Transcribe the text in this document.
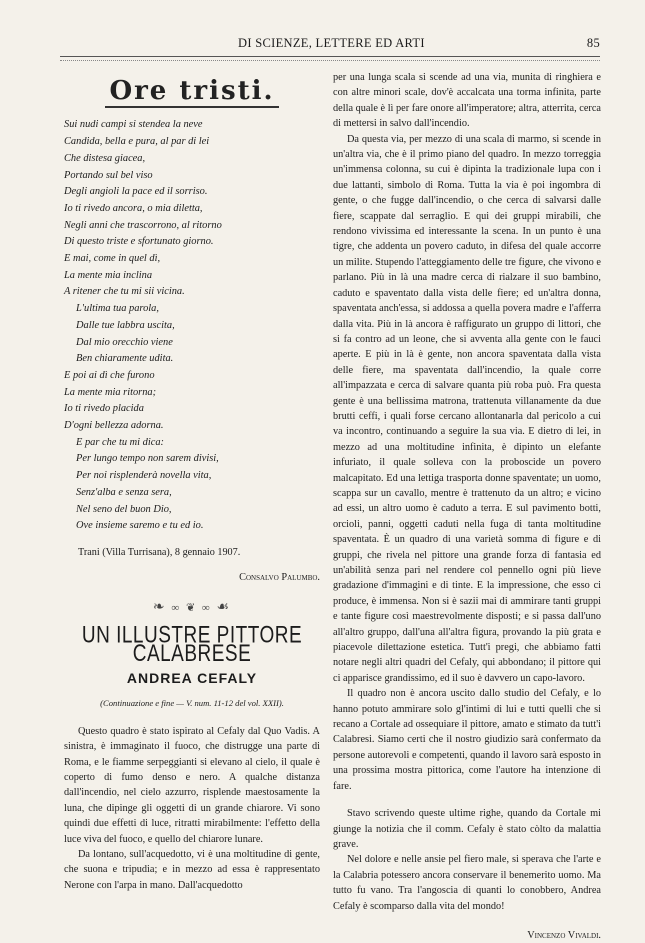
DI SCIENZE, LETTERE ED ARTI	85
Ore tristi.
Sui nudi campi si stendea la neve
Candida, bella e pura, al par di lei
Che distesa giacea,
Portando sul bel viso
Degli angioli la pace ed il sorriso.
Io ti rivedo ancora, o mia diletta,
Negli anni che trascorrono, al ritorno
Di questo triste e sfortunato giorno.
E mai, come in quel dì,
La mente mia inclina
A ritener che tu mi sii vicina.
L'ultima tua parola,
Dalle tue labbra uscita,
Dal mio orecchio viene
Ben chiaramente udita.
E poi ai dì che furono
La mente mia ritorna;
Io ti rivedo placida
D'ogni bellezza adorna.
E par che tu mi dica:
Per lungo tempo non sarem divisi,
Per noi risplenderà novella vita,
Senz'alba e senza sera,
Nel seno del buon Dio,
Ove insieme saremo e tu ed io.
Trani (Villa Turrisana), 8 gennaio 1907.
Consalvo Palumbo.
❧ ∞ ❦ ∞ ☙
UN ILLUSTRE PITTORE CALABRESE
ANDREA CEFALY
(Continuazione e fine — V. num. 11-12 del vol. XXII).

Questo quadro è stato ispirato al Cefaly dal Quo Vadis. A sinistra, è immaginato il fuoco, che distrugge una parte di Roma, e le fiamme serpeggianti si elevano al cielo, il quale è coperto di fumo denso e nero. A qualche distanza dall'incendio, nel cielo azzurro, risplende maestosamente la luna, che dipinge gli oggetti di un grande chiarore. Vi sono quindi due effetti di luce, ritratti mirabilmente: l'effetto della luce viva del fuoco, e quello del chiarore lunare.

Da lontano, sull'acquedotto, vi è una moltitudine di gente, che suona e tripudia; e in mezzo ad essa è rappresentato Nerone con l'arpa in mano. Dall'acquedotto

per una lunga scala si scende ad una via, munita di ringhiera e con altre minori scale, dov'è accalcata una torma infinita, parte della quale è lì per fare onore all'imperatore; altra, atterrita, cerca di mettersi in salvo dall'incendio.

Da questa via, per mezzo di una scala di marmo, si scende in un'altra via, che è il primo piano del quadro. In mezzo torreggia un'immensa colonna, su cui è dipinta la tradizionale lupa con i due lattanti, simbolo di Roma. Tutta la via è poi ingombra di gente, o che fugge dall'incendio, o che cerca di salvarsi dalle fiere, scappate dal serraglio. E qui dei gruppi mirabili, che rendono vivissima ed interessante la scena. In un punto è una tigre, che addenta un povero caduto, in difesa del quale accorre un milite. Stupendo l'atteggiamento delle tre figure, che vivono e parlano. Più in là una madre cerca di rialzare il suo bambino, caduto e spaventato dalla vista delle fiere; ed un'altra donna, spaventata anch'essa, si addossa a quella povera madre e l'afferra dalla vita. Più in là ancora è raffigurato un gruppo di littori, che si fa contro ad un leone, che si avventa alla gente con le fauci aperte. E più in là è gente, non ancora spaventata dalla vista delle fiere, ma spaventata dall'incendio, la quale corre all'impazzata e cerca di salvare quanta più roba può. Fra questa gente è una bellissima matrona, trattenuta villanamente da due brutti ceffi, i quali forse cercano allontanarla dal pericolo a cui va incontro, continuando a seguire la sua via. E dietro di lei, in mezzo ad una moltitudine infinita, è dipinto un elefante infuriato, il quale solleva con la proboscide un povero malcapitato. Ed una lettiga trasporta donne spaventate; un uomo, scappa sur un cavallo, mentre è trattenuto da un altro; e vicino ad essi, un altro uomo è caduto a terra. E sul pavimento botti, orcioli, panni, oggetti caduti nella fuga di tanta moltitudine spaventata. È un quadro di una varietà somma di figure e di gruppi, che rivela nel pittore una grande forza di fantasia ed un'abilità senza pari nel rendere col pennello ogni più lieve gradazione d'immagini e di tinte. E la impressione, che esso ci produce, è immensa. Non si è sazii mai di ammirare tanti gruppi e tante figure così maestrevolmente disposti; e si passa dall'uno all'altro gruppo, dall'una all'altra figura, provando la più grata e piacevole dilettazione estetica. Tutt'i pregi, che abbiamo fatti notare negli altri quadri del Cefaly, qui abbondano; il pittore qui ci apparisce grandissimo, ed il suo è davvero un capo-lavoro.

Il quadro non è ancora uscito dallo studio del Cefaly, e lo hanno potuto ammirare solo gl'intimi di lui e tutti quelli che si recano a Cortale ad ossequiare il pittore, amato e stimato da tutt'i Calabresi. Siamo certi che il nostro giudizio sarà confermato da persone autorevoli e competenti, quando il lavoro sarà esposto in una prossima mostra pittorica, come l'autore ha intenzione di fare.

Stavo scrivendo queste ultime righe, quando da Cortale mi giunge la notizia che il comm. Cefaly è stato còlto da malattia grave.

Nel dolore e nelle ansie pel fiero male, si sperava che l'arte e la Calabria potessero ancora conservare il benemerito uomo. Ma tutto fu vano. Tra l'angoscia di quanti lo conobbero, Andrea Cefaly è scomparso dalla vita del mondo!

Vincenzo Vivaldi.
